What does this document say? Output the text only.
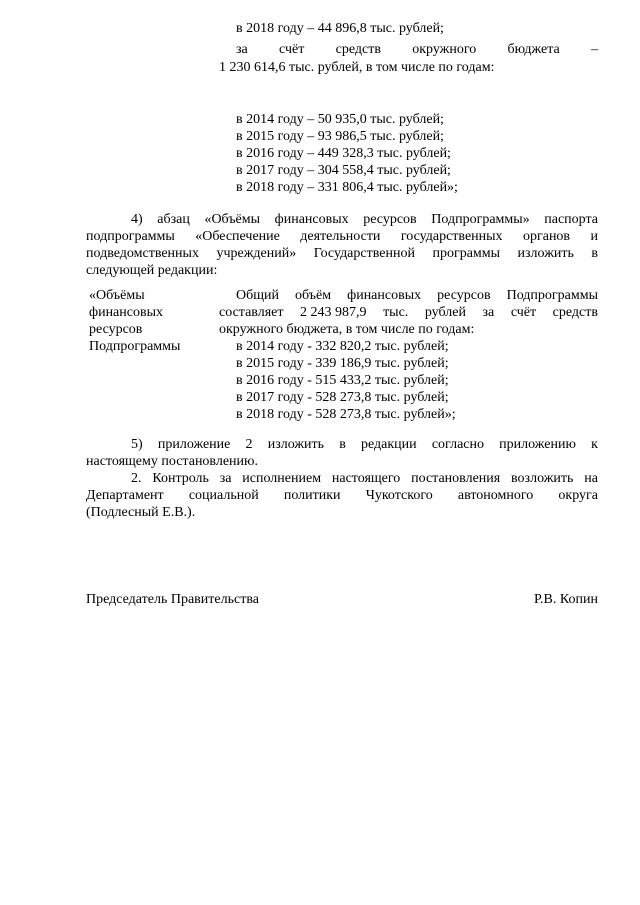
в 2018 году – 44 896,8 тыс. рублей;
за счёт средств окружного бюджета –
1 230 614,6 тыс. рублей, в том числе по годам:
в 2014 году – 50 935,0 тыс. рублей;
в 2015 году – 93 986,5 тыс. рублей;
в 2016 году – 449 328,3 тыс. рублей;
в 2017 году – 304 558,4 тыс. рублей;
в 2018 году – 331 806,4 тыс. рублей»;
4) абзац «Объёмы финансовых ресурсов Подпрограммы» паспорта
подпрограммы «Обеспечение деятельности государственных органов и
подведомственных учреждений» Государственной программы изложить в
следующей редакции:
«Объёмы
финансовых
ресурсов
Подпрограммы
Общий объём финансовых ресурсов Подпрограммы
составляет 2 243 987,9 тыс. рублей за счёт средств
окружного бюджета, в том числе по годам:
в 2014 году - 332 820,2 тыс. рублей;
в 2015 году - 339 186,9 тыс. рублей;
в 2016 году - 515 433,2 тыс. рублей;
в 2017 году - 528 273,8 тыс. рублей;
в 2018 году - 528 273,8 тыс. рублей»;
5) приложение 2 изложить в редакции согласно приложению к
настоящему постановлению.
2. Контроль за исполнением настоящего постановления возложить на
Департамент социальной политики Чукотского автономного округа
(Подлесный Е.В.).
Председатель Правительства	Р.В. Копин
